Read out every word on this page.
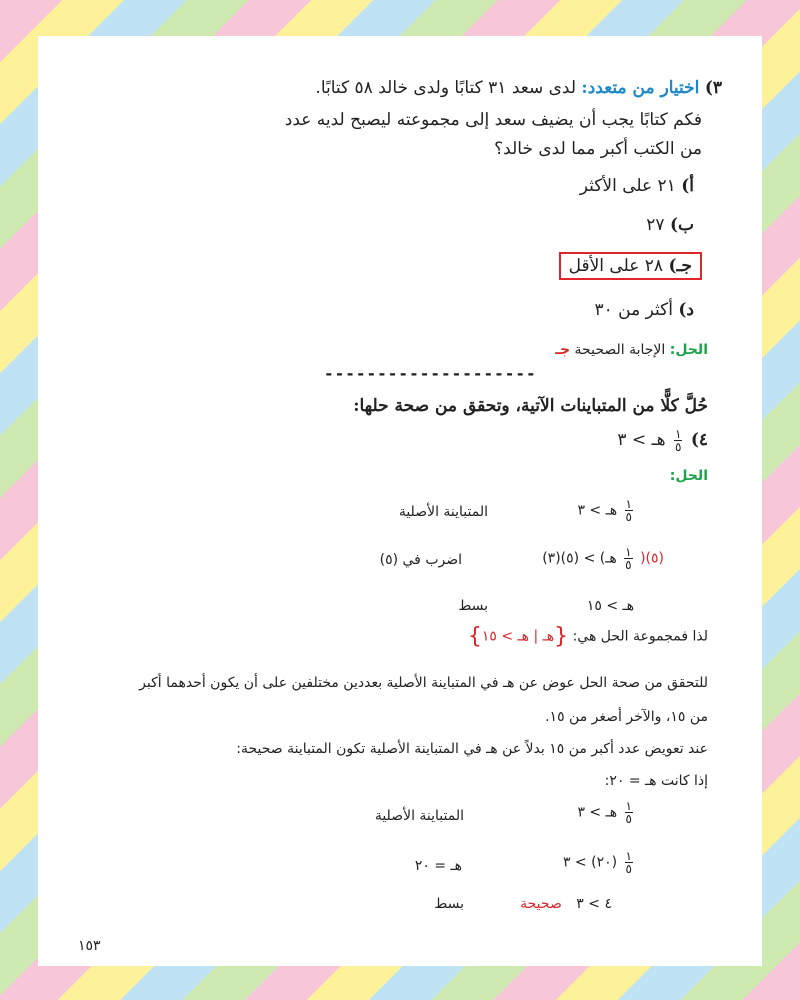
٣) اختيار من متعدد: لدى سعد ٣١ كتابًا ولدى خالد ٥٨ كتابًا.
فكم كتابًا يجب أن يضيف سعد إلى مجموعته ليصبح لديه عدد
من الكتب أكبر مما لدى خالد؟
أ) ٢١ على الأكثر
ب) ٢٧
جـ) ٢٨ على الأقل
د) أكثر من ٣٠
الحل: الإجابة الصحيحة جـ
--------------------
حُلَّ كلًّا من المتباينات الآتية، وتحقق من صحة حلها:
٤)
$\frac{١}{٥}$
هـ > ٣
الحل:
$\frac{١}{٥}$
هـ > ٣
المتباينة الأصلية
(٥)(
$\frac{١}{٥}$
هـ) > (٥)(٣)
اضرب في (٥)
هـ > ١٥
بسط
لذا فمجموعة الحل هي: {هـ | هـ > ١٥}
للتحقق من صحة الحل عوض عن هـ في المتباينة الأصلية بعددين مختلفين على أن يكون أحدهما أكبر
من ١٥، والآخر أصغر من ١٥.
عند تعويض عدد أكبر من ١٥ بدلاً عن هـ في المتباينة الأصلية تكون المتباينة صحيحة:
إذا كانت هـ = ٢٠:
$\frac{١}{٥}$
هـ > ٣
المتباينة الأصلية
$\frac{١}{٥}$
(٢٠) > ٣
هـ = ٢٠
٤ > ٣ صحيحة
بسط
١٥٣
